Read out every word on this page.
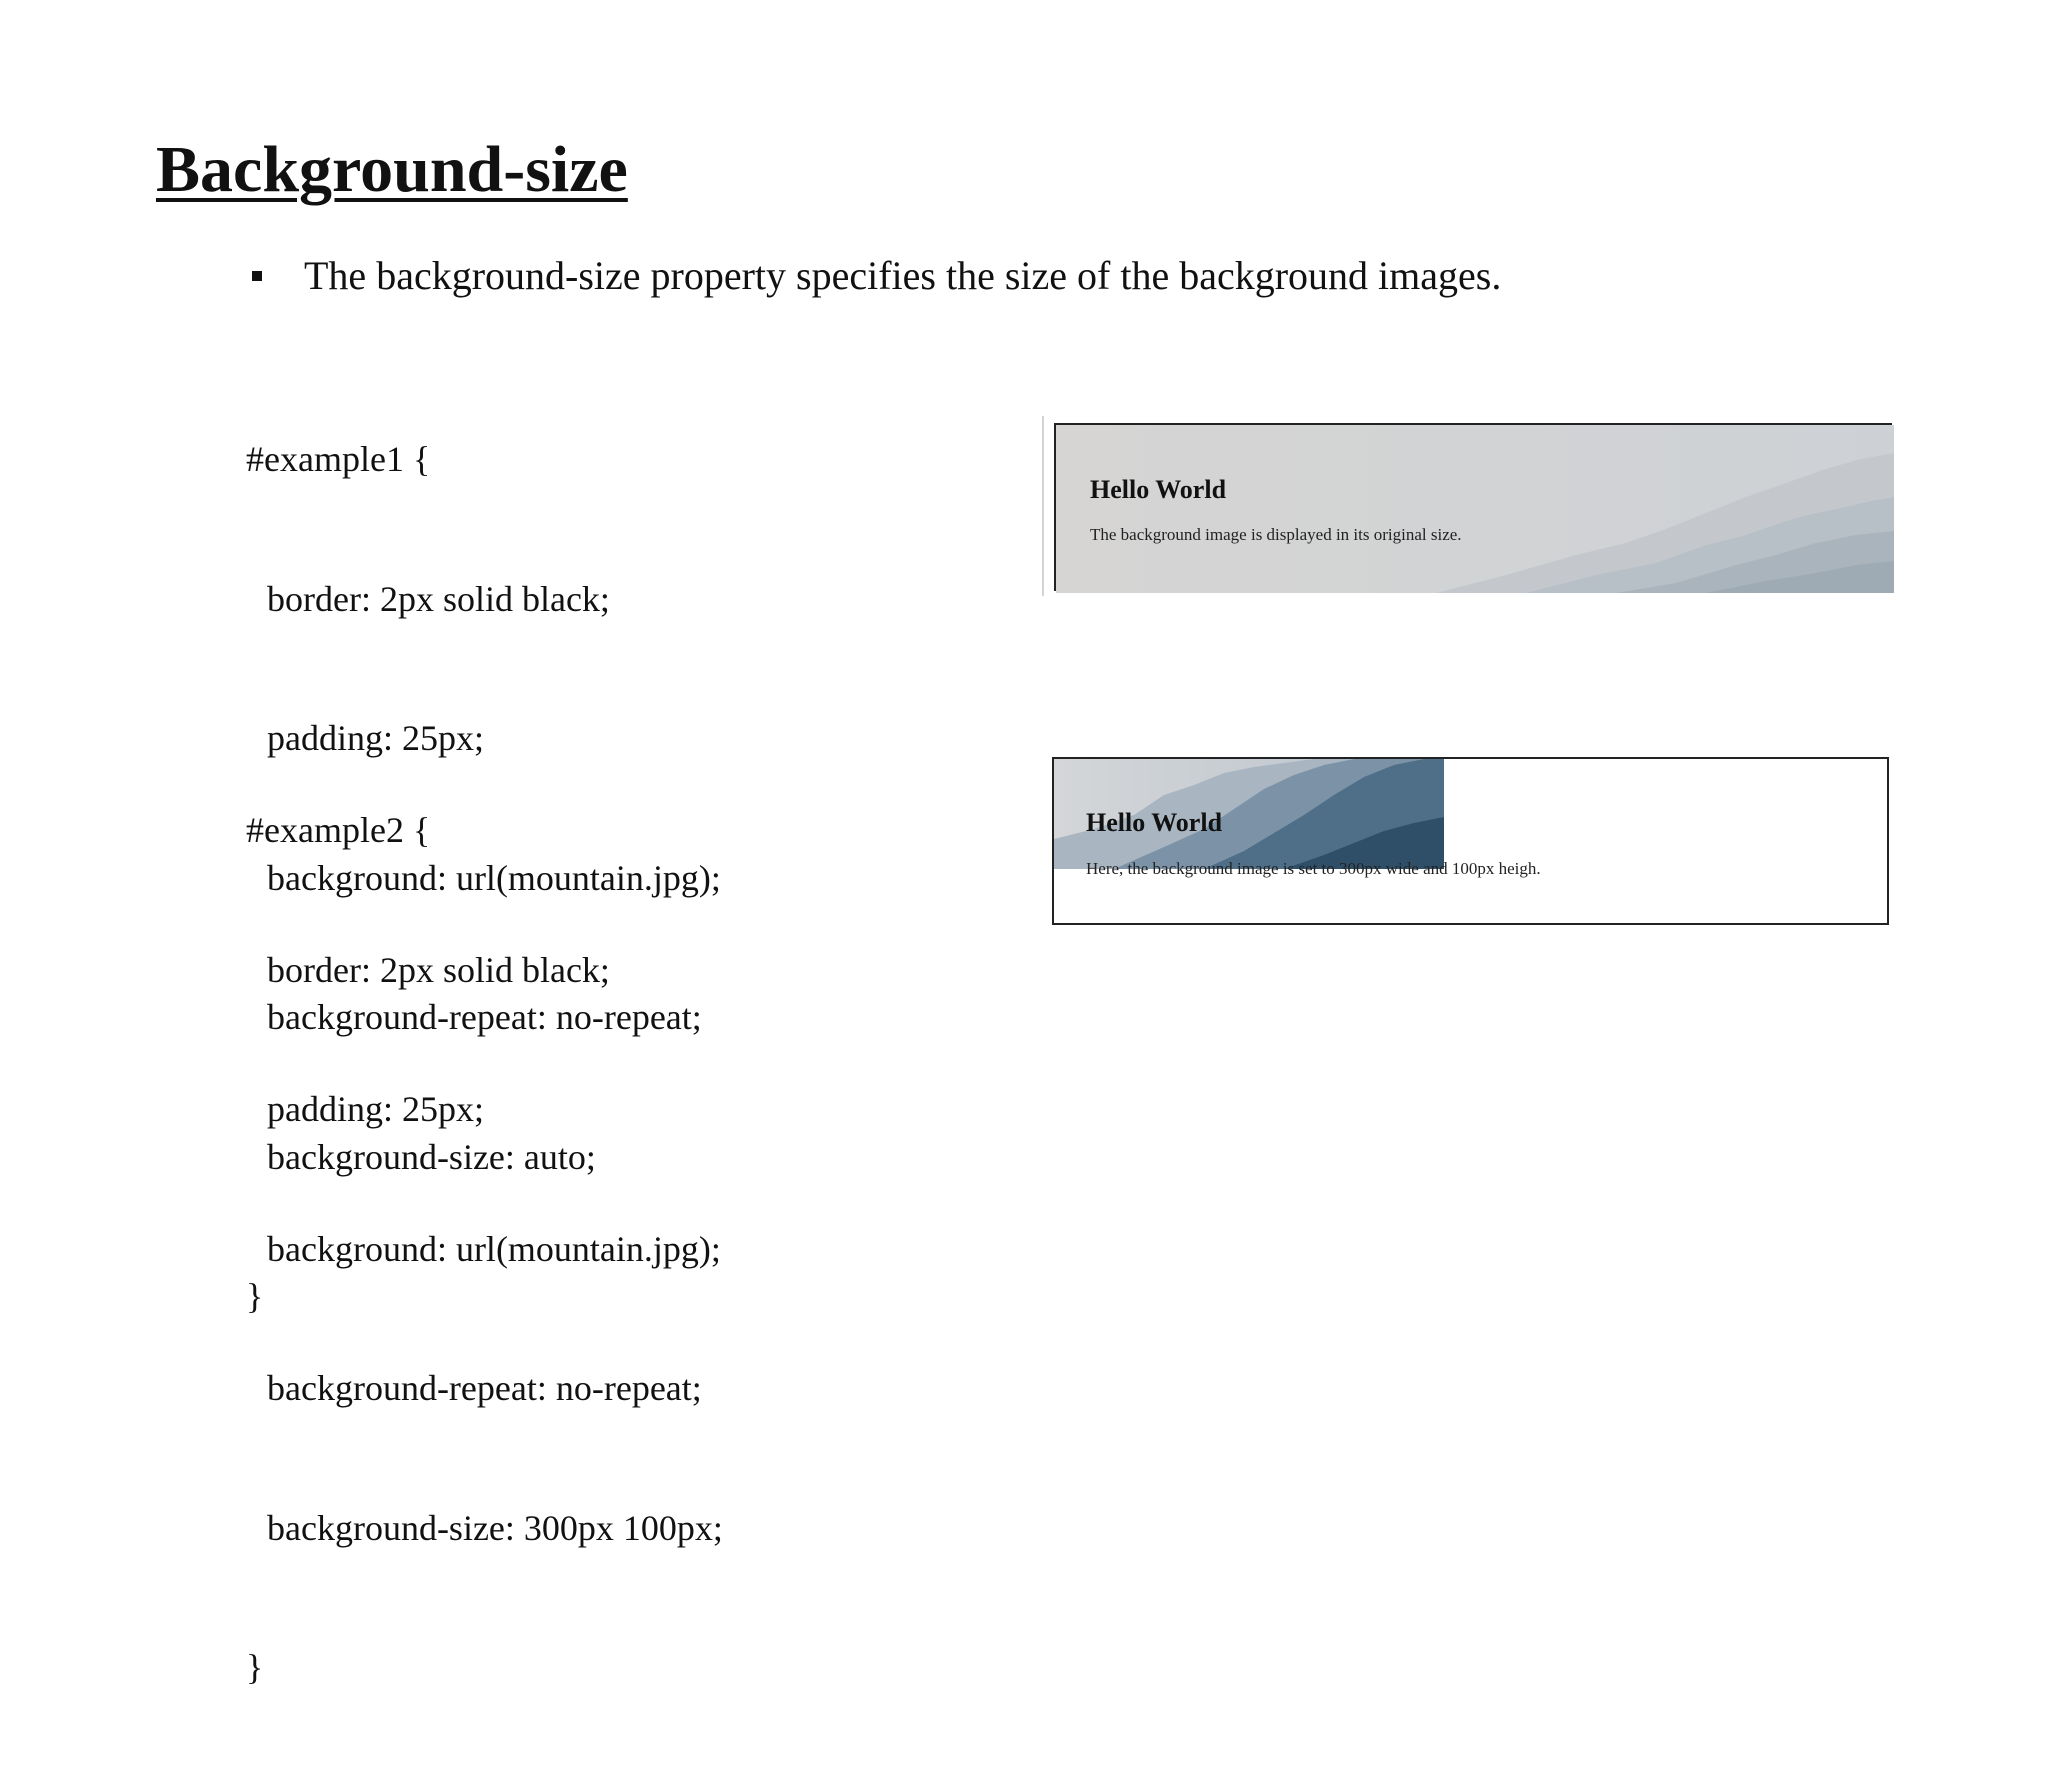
Background-size
The background-size property specifies the size of the background images.

#example1 {

border: 2px solid black;

padding: 25px;

background: url(mountain.jpg);

background-repeat: no-repeat;

background-size: auto;

}

#example2 {

border: 2px solid black;

padding: 25px;

background: url(mountain.jpg);

background-repeat: no-repeat;

background-size: 300px 100px;

}

Hello World
The background image is displayed in its original size.
Hello World
Here, the background image is set to 300px wide and 100px heigh.
